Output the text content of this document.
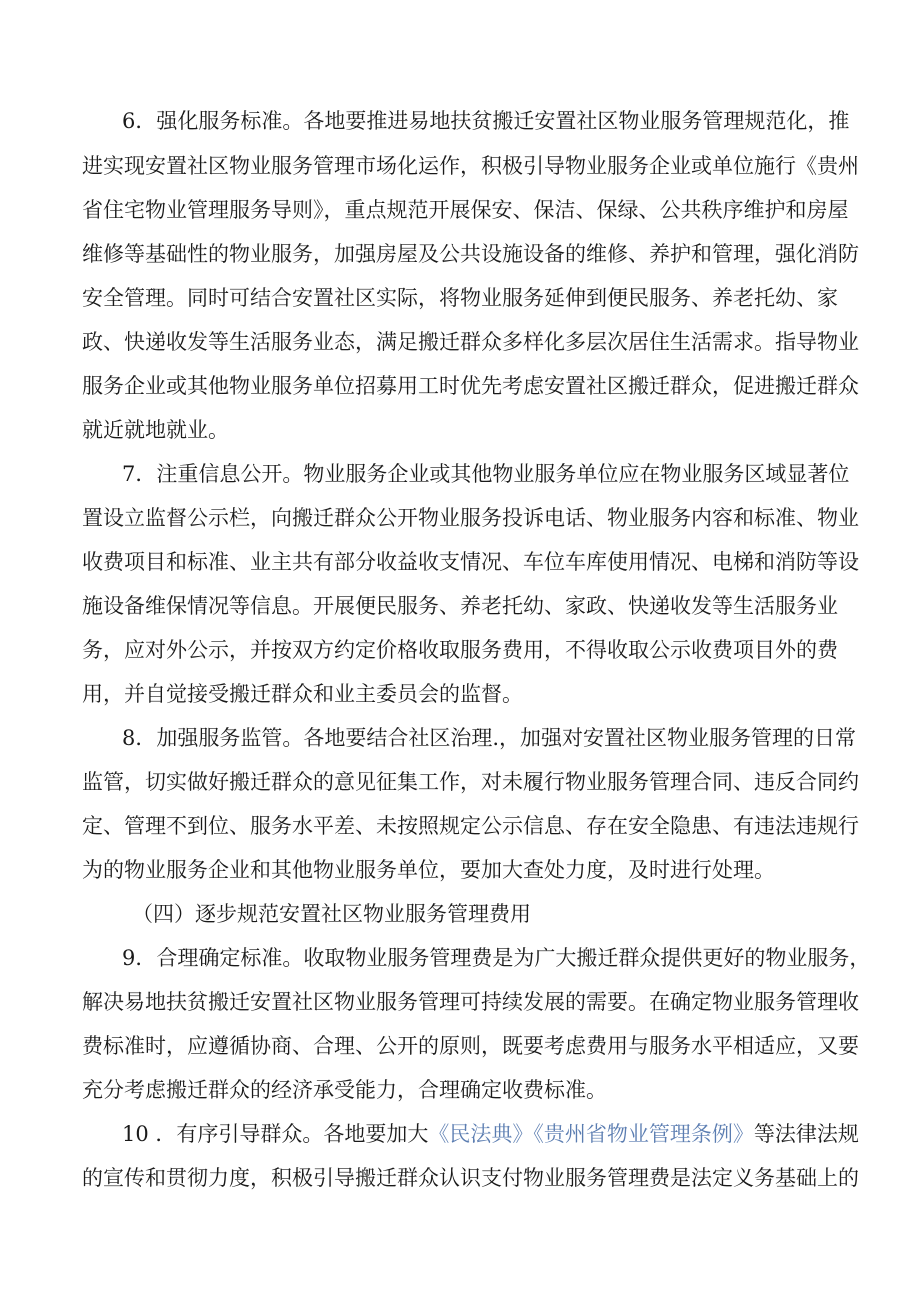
6．强化服务标准。各地要推进易地扶贫搬迁安置社区物业服务管理规范化，推
进实现安置社区物业服务管理市场化运作，积极引导物业服务企业或单位施行《贵州
省住宅物业管理服务导则》，重点规范开展保安、保洁、保绿、公共秩序维护和房屋
维修等基础性的物业服务，加强房屋及公共设施设备的维修、养护和管理，强化消防
安全管理。同时可结合安置社区实际，将物业服务延伸到便民服务、养老托幼、家
政、快递收发等生活服务业态，满足搬迁群众多样化多层次居住生活需求。指导物业
服务企业或其他物业服务单位招募用工时优先考虑安置社区搬迁群众，促进搬迁群众
就近就地就业。
7．注重信息公开。物业服务企业或其他物业服务单位应在物业服务区域显著位
置设立监督公示栏，向搬迁群众公开物业服务投诉电话、物业服务内容和标准、物业
收费项目和标准、业主共有部分收益收支情况、车位车库使用情况、电梯和消防等设
施设备维保情况等信息。开展便民服务、养老托幼、家政、快递收发等生活服务业
务，应对外公示，并按双方约定价格收取服务费用，不得收取公示收费项目外的费
用，并自觉接受搬迁群众和业主委员会的监督。
8．加强服务监管。各地要结合社区治理.，加强对安置社区物业服务管理的日常
监管，切实做好搬迁群众的意见征集工作，对未履行物业服务管理合同、违反合同约
定、管理不到位、服务水平差、未按照规定公示信息、存在安全隐患、有违法违规行
为的物业服务企业和其他物业服务单位，要加大查处力度，及时进行处理。
（四）逐步规范安置社区物业服务管理费用
9．合理确定标准。收取物业服务管理费是为广大搬迁群众提供更好的物业服务，
解决易地扶贫搬迁安置社区物业服务管理可持续发展的需要。在确定物业服务管理收
费标准时，应遵循协商、合理、公开的原则，既要考虑费用与服务水平相适应，又要
充分考虑搬迁群众的经济承受能力，合理确定收费标准。
10 ．有序引导群众。各地要加大《民法典》《贵州省物业管理条例》等法律法规
的宣传和贯彻力度，积极引导搬迁群众认识支付物业服务管理费是法定义务基础上的
